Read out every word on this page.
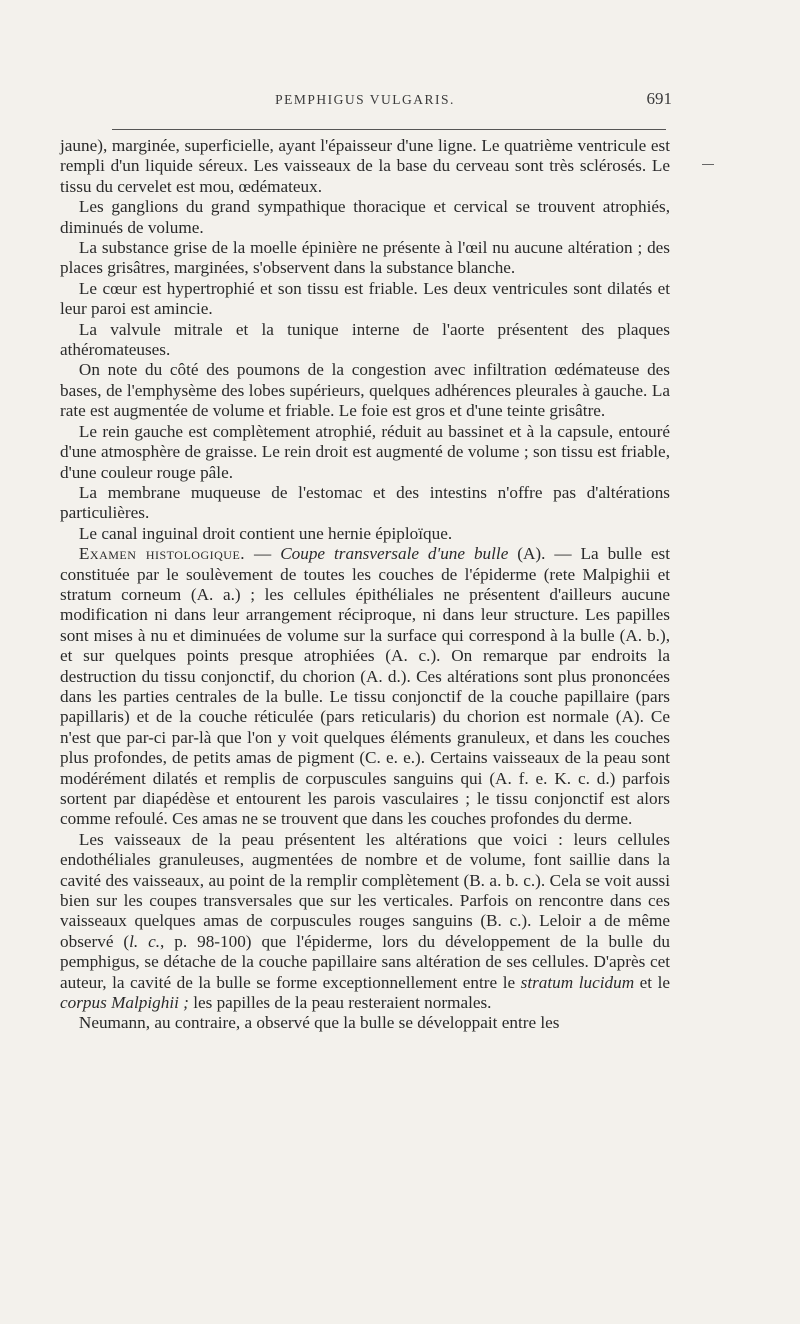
PEMPHIGUS VULGARIS.	691

jaune), marginée, superficielle, ayant l'épaisseur d'une ligne. Le quatrième ventricule est rempli d'un liquide séreux. Les vaisseaux de la base du cerveau sont très sclérosés. Le tissu du cervelet est mou, œdémateux.

Les ganglions du grand sympathique thoracique et cervical se trouvent atrophiés, diminués de volume.

La substance grise de la moelle épinière ne présente à l'œil nu aucune altération ; des places grisâtres, marginées, s'observent dans la substance blanche.

Le cœur est hypertrophié et son tissu est friable. Les deux ventricules sont dilatés et leur paroi est amincie.

La valvule mitrale et la tunique interne de l'aorte présentent des plaques athéromateuses.

On note du côté des poumons de la congestion avec infiltration œdémateuse des bases, de l'emphysème des lobes supérieurs, quelques adhérences pleurales à gauche. La rate est augmentée de volume et friable. Le foie est gros et d'une teinte grisâtre.

Le rein gauche est complètement atrophié, réduit au bassinet et à la capsule, entouré d'une atmosphère de graisse. Le rein droit est augmenté de volume ; son tissu est friable, d'une couleur rouge pâle.

La membrane muqueuse de l'estomac et des intestins n'offre pas d'altérations particulières.

Le canal inguinal droit contient une hernie épiploïque.

Examen histologique. — Coupe transversale d'une bulle (A). — La bulle est constituée par le soulèvement de toutes les couches de l'épiderme (rete Malpighii et stratum corneum (A. a.) ; les cellules épithéliales ne présentent d'ailleurs aucune modification ni dans leur arrangement réciproque, ni dans leur structure. Les papilles sont mises à nu et diminuées de volume sur la surface qui correspond à la bulle (A. b.), et sur quelques points presque atrophiées (A. c.). On remarque par endroits la destruction du tissu conjonctif, du chorion (A. d.). Ces altérations sont plus prononcées dans les parties centrales de la bulle. Le tissu conjonctif de la couche papillaire (pars papillaris) et de la couche réticulée (pars reticularis) du chorion est normale (A). Ce n'est que par-ci par-là que l'on y voit quelques éléments granuleux, et dans les couches plus profondes, de petits amas de pigment (C. e. e.). Certains vaisseaux de la peau sont modérément dilatés et remplis de corpuscules sanguins qui (A. f. e. K. c. d.) parfois sortent par diapédèse et entourent les parois vasculaires ; le tissu conjonctif est alors comme refoulé. Ces amas ne se trouvent que dans les couches profondes du derme.

Les vaisseaux de la peau présentent les altérations que voici : leurs cellules endothéliales granuleuses, augmentées de nombre et de volume, font saillie dans la cavité des vaisseaux, au point de la remplir complètement (B. a. b. c.). Cela se voit aussi bien sur les coupes transversales que sur les verticales. Parfois on rencontre dans ces vaisseaux quelques amas de corpuscules rouges sanguins (B. c.). Leloir a de même observé (l. c., p. 98-100) que l'épiderme, lors du développement de la bulle du pemphigus, se détache de la couche papillaire sans altération de ses cellules. D'après cet auteur, la cavité de la bulle se forme exceptionnellement entre le stratum lucidum et le corpus Malpighii ; les papilles de la peau resteraient normales.

Neumann, au contraire, a observé que la bulle se développait entre les
